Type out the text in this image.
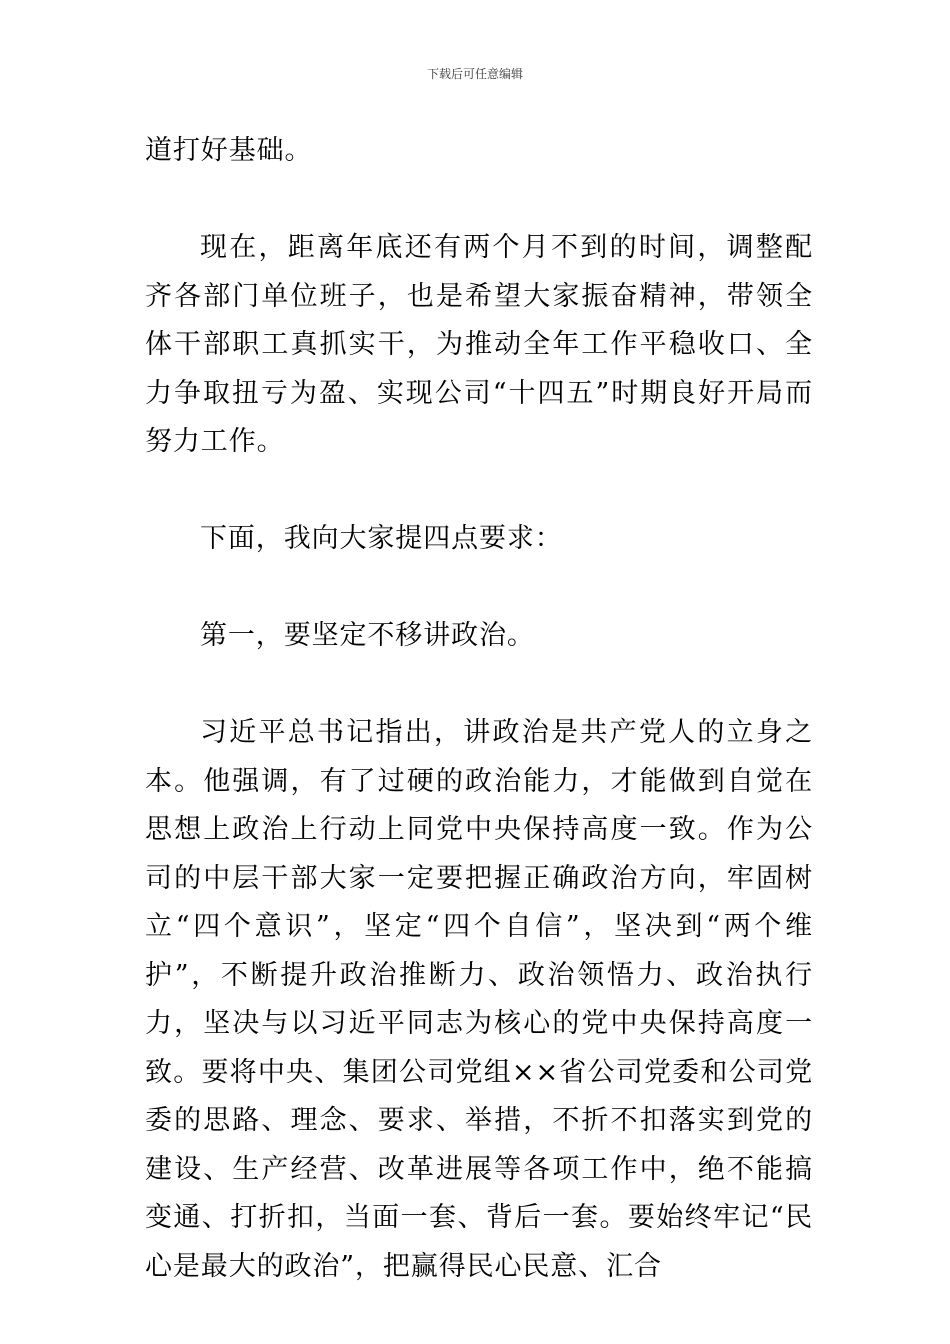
下载后可任意编辑

道打好基础。

现在，距离年底还有两个月不到的时间，调整配齐各部门单位班子，也是希望大家振奋精神，带领全体干部职工真抓实干，为推动全年工作平稳收口、全力争取扭亏为盈、实现公司“十四五”时期良好开局而努力工作。

下面，我向大家提四点要求：

第一，要坚定不移讲政治。

习近平总书记指出，讲政治是共产党人的立身之本。他强调，有了过硬的政治能力，才能做到自觉在思想上政治上行动上同党中央保持高度一致。作为公司的中层干部大家一定要把握正确政治方向，牢固树立“四个意识”，坚定“四个自信”，坚决到“两个维护”，不断提升政治推断力、政治领悟力、政治执行力，坚决与以习近平同志为核心的党中央保持高度一致。要将中央、集团公司党组××省公司党委和公司党委的思路、理念、要求、举措，不折不扣落实到党的建设、生产经营、改革进展等各项工作中，绝不能搞变通、打折扣，当面一套、背后一套。要始终牢记“民心是最大的政治”，把赢得民心民意、汇合
